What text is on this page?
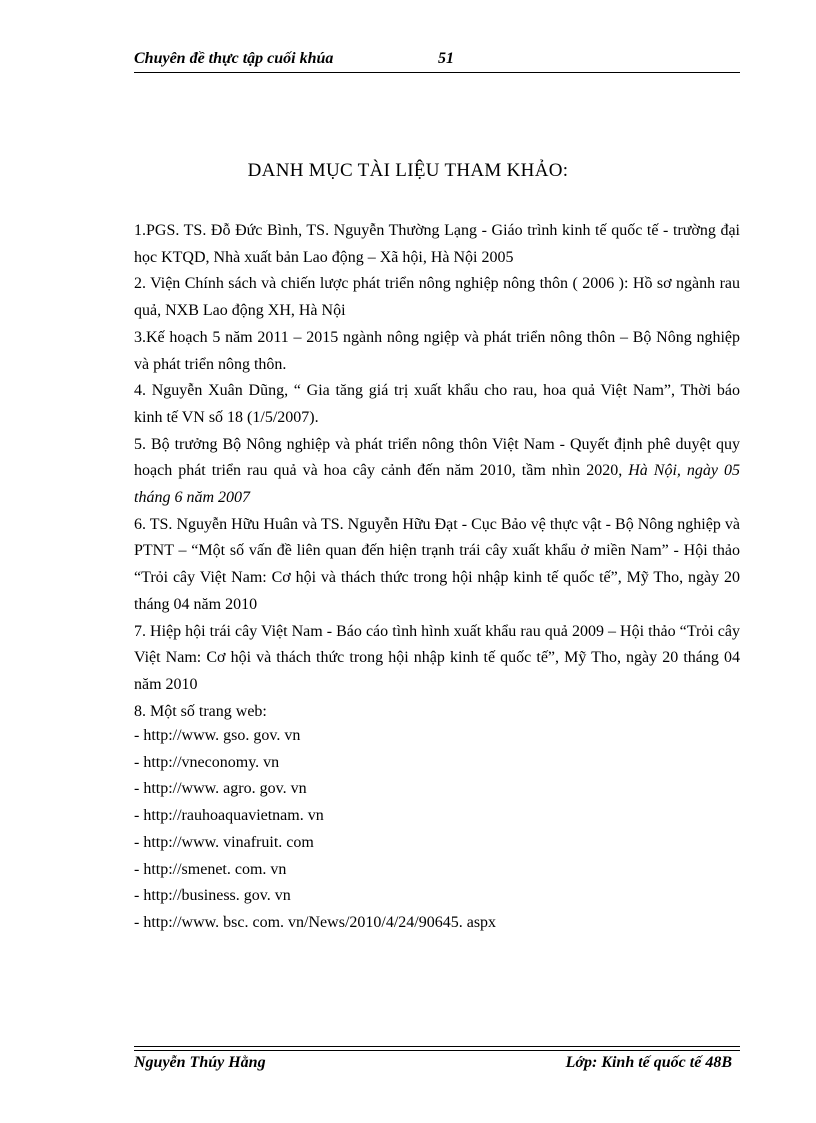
Chuyên đề thực tập cuối khúa	51
DANH MỤC TÀI LIỆU THAM KHẢO:
1.PGS. TS. Đỗ Đức Bình, TS. Nguyễn Thường Lạng - Giáo trình kinh tế quốc tế - trường đại học KTQD, Nhà xuất bản Lao động – Xã hội, Hà Nội 2005
2. Viện Chính sách và chiến lược phát triển nông nghiệp nông thôn ( 2006 ): Hồ sơ ngành rau quả, NXB Lao động XH, Hà Nội
3.Kế hoạch 5 năm 2011 – 2015 ngành nông ngiệp và phát triển nông thôn – Bộ Nông nghiệp và phát triển nông thôn.
4. Nguyễn Xuân Dũng, “ Gia tăng giá trị xuất khẩu cho rau, hoa quả Việt Nam”, Thời báo kinh tế VN số 18 (1/5/2007).
5. Bộ trưởng Bộ Nông nghiệp và phát triển nông thôn Việt Nam - Quyết định phê duyệt quy hoạch phát triển rau quả và hoa cây cảnh đến năm 2010, tầm nhìn 2020, Hà Nội, ngày 05 tháng 6 năm 2007
6. TS. Nguyễn Hữu Huân và TS. Nguyễn Hữu Đạt - Cục Bảo vệ thực vật - Bộ Nông nghiệp và PTNT – “Một số vấn đề liên quan đến hiện trạnh trái cây xuất khẩu ở miền Nam” - Hội thảo “Trỏi cây Việt Nam: Cơ hội và thách thức trong hội nhập kinh tế quốc tế”, Mỹ Tho, ngày 20 tháng 04 năm 2010
7. Hiệp hội trái cây Việt Nam - Báo cáo tình hình xuất khẩu rau quả 2009 – Hội thảo “Trỏi cây Việt Nam: Cơ hội và thách thức trong hội nhập kinh tế quốc tế”, Mỹ Tho, ngày 20 tháng 04 năm 2010
8. Một số trang web:
- http://www. gso. gov. vn
- http://vneconomy. vn
- http://www. agro. gov. vn
- http://rauhoaquavietnam. vn
- http://www. vinafruit. com
- http://smenet. com. vn
- http://business. gov. vn
- http://www. bsc. com. vn/News/2010/4/24/90645. aspx
Nguyễn Thúy Hằng	Lớp: Kinh tế quốc tế 48B
